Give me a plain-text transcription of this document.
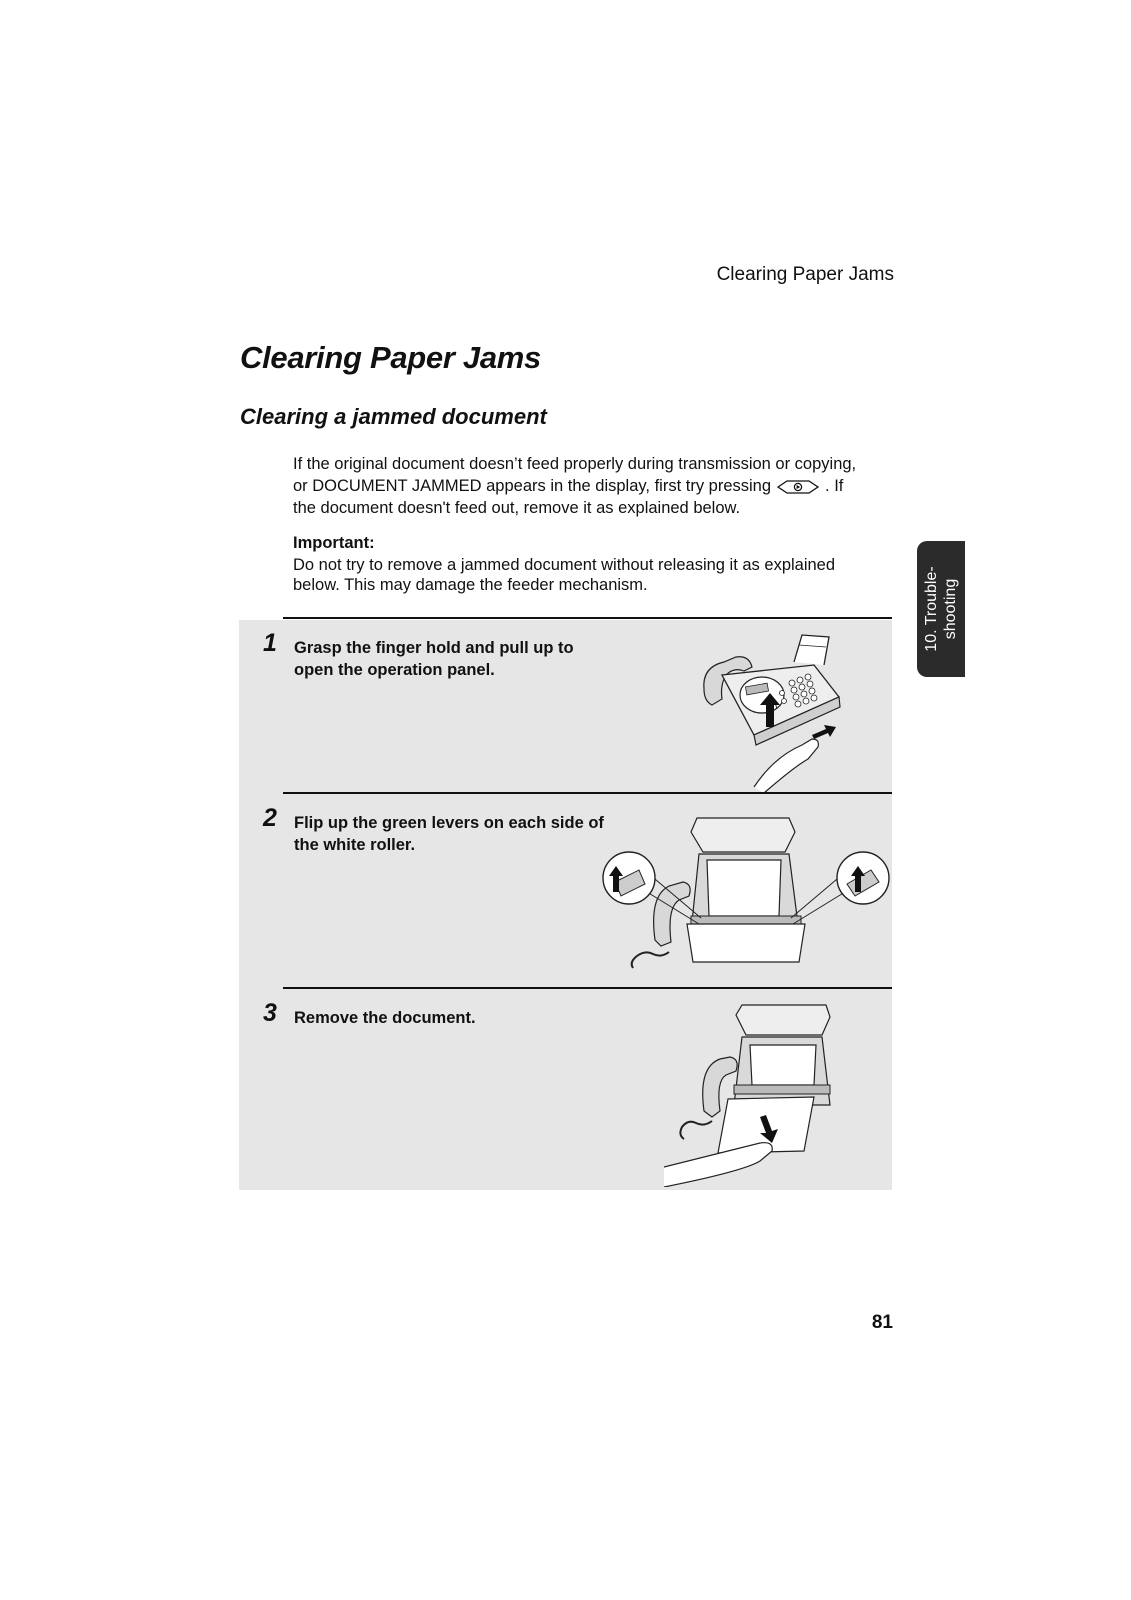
Clearing Paper Jams
Clearing Paper Jams
Clearing a jammed document

If the original document doesn’t feed properly during transmission or copying,

or DOCUMENT JAMMED appears in the display, first try pressing	. If

the document doesn't feed out, remove it as explained below.

Important:
Do not try to remove a jammed document without releasing it as explained below. This may damage the feeder mechanism.	10. Trouble- shooting
1 Grasp the finger hold and pull up to
open the operation panel.
2 Flip up the green levers on each side of
the white roller.
3 Remove the document.
81
